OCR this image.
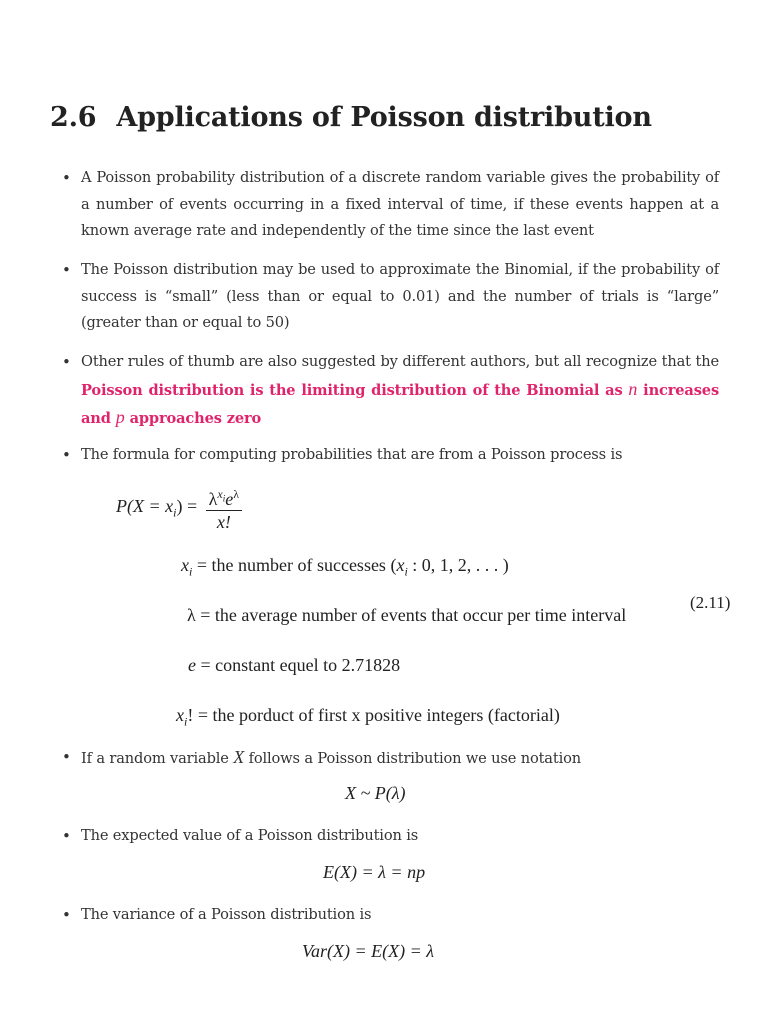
2.6 Applications of Poisson distribution
• A Poisson probability distribution of a discrete random variable gives the probability of a number of events occurring in a fixed interval of time, if these events happen at a known average rate and independently of the time since the last event
• The Poisson distribution may be used to approximate the Binomial, if the probability of success is “small” (less than or equal to 0.01) and the number of trials is “large” (greater than or equal to 50)
• Other rules of thumb are also suggested by different authors, but all recognize that the Poisson distribution is the limiting distribution of the Binomial as n increases and p approaches zero
• The formula for computing probabilities that are from a Poisson process is
$P(X = x_i) = \frac{\lambda^{x_i}e^\lambda}{x!}$
$x_i$ = the number of successes ($x_i$ : 0, 1, 2, . . . )
λ = the average number of events that occur per time interval
(2.11)
e = constant equel to 2.71828
$x_i$! = the porduct of first x positive integers (factorial)
• If a random variable X follows a Poisson distribution we use notation
X ~ P(λ)
• The expected value of a Poisson distribution is
E(X) = λ = np
• The variance of a Poisson distribution is
Var(X) = E(X) = λ
